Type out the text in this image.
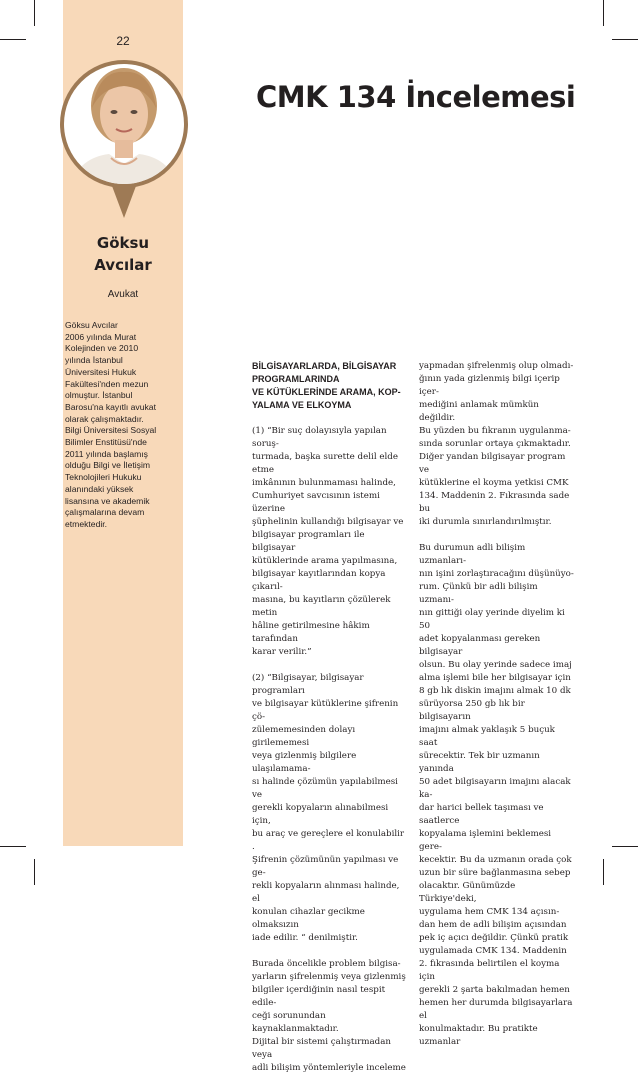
22
Göksu
Avcılar
Avukat
Göksu Avcılar
2006 yılında Murat
Kolejinden ve 2010
yılında İstanbul
Üniversitesi Hukuk
Fakültesi'nden mezun
olmuştur. İstanbul
Barosu'na kayıtlı avukat
olarak çalışmaktadır.
Bilgi Üniversitesi Sosyal
Bilimler Enstitüsü'nde
2011 yılında başlamış
olduğu Bilgi ve İletişim
Teknolojileri Hukuku
alanındaki yüksek
lisansına ve akademik
çalışmalarına devam
etmektedir.
CMK 134 İncelemesi
BİLGİSAYARLARDA, BİLGİSAYAR
PROGRAMLARINDA
VE KÜTÜKLERİNDE ARAMA, KOP-
YALAMA VE ELKOYMA

(1) “Bir suç dolayısıyla yapılan soruş-
turmada, başka surette delil elde etme
imkânının bulunmaması halinde,
Cumhuriyet savcısının istemi üzerine
şüphelinin kullandığı bilgisayar ve
bilgisayar programları ile bilgisayar
kütüklerinde arama yapılmasına,
bilgisayar kayıtlarından kopya çıkarıl-
masına, bu kayıtların çözülerek metin
hâline getirilmesine hâkim tarafından
karar verilir.”

(2) “Bilgisayar, bilgisayar programları
ve bilgisayar kütüklerine şifrenin çö-
zülememesinden dolayı girilememesi
veya gizlenmiş bilgilere ulaşılamama-
sı halinde çözümün yapılabilmesi ve
gerekli kopyaların alınabilmesi için,
bu araç ve gereçlere el konulabilir .
Şifrenin çözümünün yapılması ve ge-
rekli kopyaların alınması halinde, el
konulan cihazlar gecikme olmaksızın
iade edilir. “ denilmiştir.

Burada öncelikle problem bilgisa-
yarların şifrelenmiş veya gizlenmiş
bilgiler içerdiğinin nasıl tespit edile-
ceği sorunundan kaynaklanmaktadır.
Dijital bir sistemi çalıştırmadan veya
adli bilişim yöntemleriyle inceleme

yapmadan şifrelenmiş olup olmadı-
ğının yada gizlenmiş bilgi içerip içer-
mediğini anlamak mümkün değildir.
Bu yüzden bu fıkranın uygulanma-
sında sorunlar ortaya çıkmaktadır.
Diğer yandan bilgisayar program ve
kütüklerine el koyma yetkisi CMK
134. Maddenin 2. Fıkrasında sade bu
iki durumla sınırlandırılmıştır.

Bu durumun adli bilişim uzmanları-
nın işini zorlaştıracağını düşünüyo-
rum. Çünkü bir adli bilişim uzmanı-
nın gittiği olay yerinde diyelim ki 50
adet kopyalanması gereken bilgisayar
olsun. Bu olay yerinde sadece imaj
alma işlemi bile her bilgisayar için
8 gb lık diskin imajını almak 10 dk
sürüyorsa 250 gb lık bir bilgisayarın
imajını almak yaklaşık 5 buçuk saat
sürecektir. Tek bir uzmanın yanında
50 adet bilgisayarın imajını alacak ka-
dar harici bellek taşıması ve saatlerce
kopyalama işlemini beklemesi gere-
kecektir. Bu da uzmanın orada çok
uzun bir süre bağlanmasına sebep
olacaktır. Günümüzde Türkiye'deki,
uygulama hem CMK 134 açısın-
dan hem de adli bilişim açısından
pek iç açıcı değildir. Çünkü pratik
uygulamada CMK 134. Maddenin
2. fıkrasında belirtilen el koyma için
gerekli 2 şarta bakılmadan hemen
hemen her durumda bilgisayarlara el
konulmaktadır. Bu pratikte uzmanlar
